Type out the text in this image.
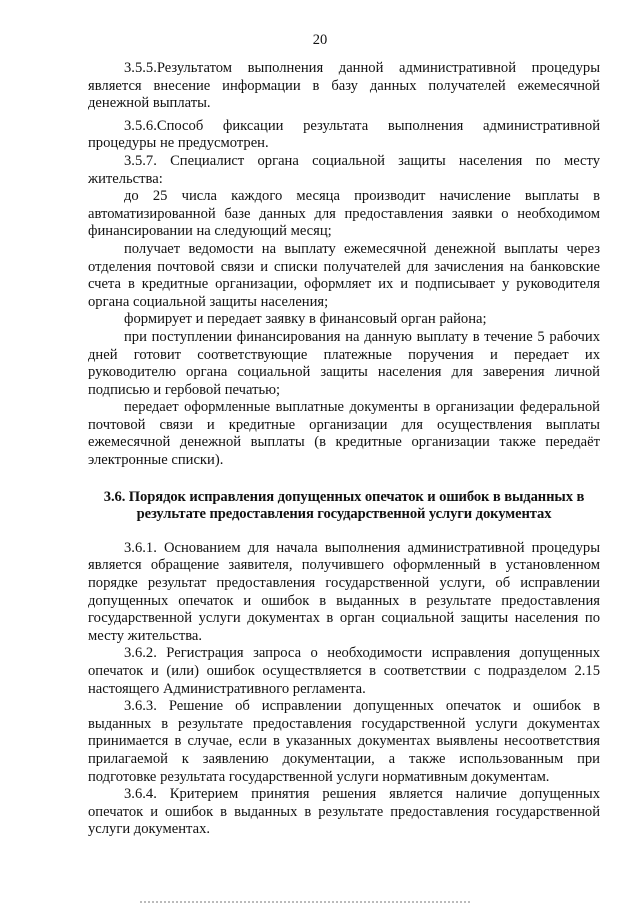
20

3.5.5.Результатом выполнения данной административной процедуры является внесение информации в базу данных получателей ежемесячной денежной выплаты.

3.5.6.Способ фиксации результата выполнения административной процедуры не предусмотрен.

3.5.7. Специалист органа социальной защиты населения по месту жительства:

до 25 числа каждого месяца производит начисление выплаты в автоматизированной базе данных для предоставления заявки о необходимом финансировании на следующий месяц;

получает ведомости на выплату ежемесячной денежной выплаты через отделения почтовой связи и списки получателей для зачисления на банковские счета в кредитные организации, оформляет их и подписывает у руководителя органа социальной защиты населения;

формирует и передает заявку в финансовый орган района;

при поступлении финансирования на данную выплату в течение 5 рабочих дней готовит соответствующие платежные поручения и передает их руководителю органа социальной защиты населения для заверения личной подписью и гербовой печатью;

передает оформленные выплатные документы в организации федеральной почтовой связи и кредитные организации для осуществления выплаты ежемесячной денежной выплаты (в кредитные организации также передаёт электронные списки).

3.6. Порядок исправления допущенных опечаток и ошибок в выданных в результате предоставления государственной услуги документах

3.6.1. Основанием для начала выполнения административной процедуры является обращение заявителя, получившего оформленный в установленном порядке результат предоставления государственной услуги, об исправлении допущенных опечаток и ошибок в выданных в результате предоставления государственной услуги документах в орган социальной защиты населения по месту жительства.

3.6.2. Регистрация запроса о необходимости исправления допущенных опечаток и (или) ошибок осуществляется в соответствии с подразделом 2.15 настоящего Административного регламента.

3.6.3. Решение об исправлении допущенных опечаток и ошибок в выданных в результате предоставления государственной услуги документах принимается в случае, если в указанных документах выявлены несоответствия прилагаемой к заявлению документации, а также использованным при подготовке результата государственной услуги нормативным документам.

3.6.4. Критерием принятия решения является наличие допущенных опечаток и ошибок в выданных в результате предоставления государственной услуги документах.
